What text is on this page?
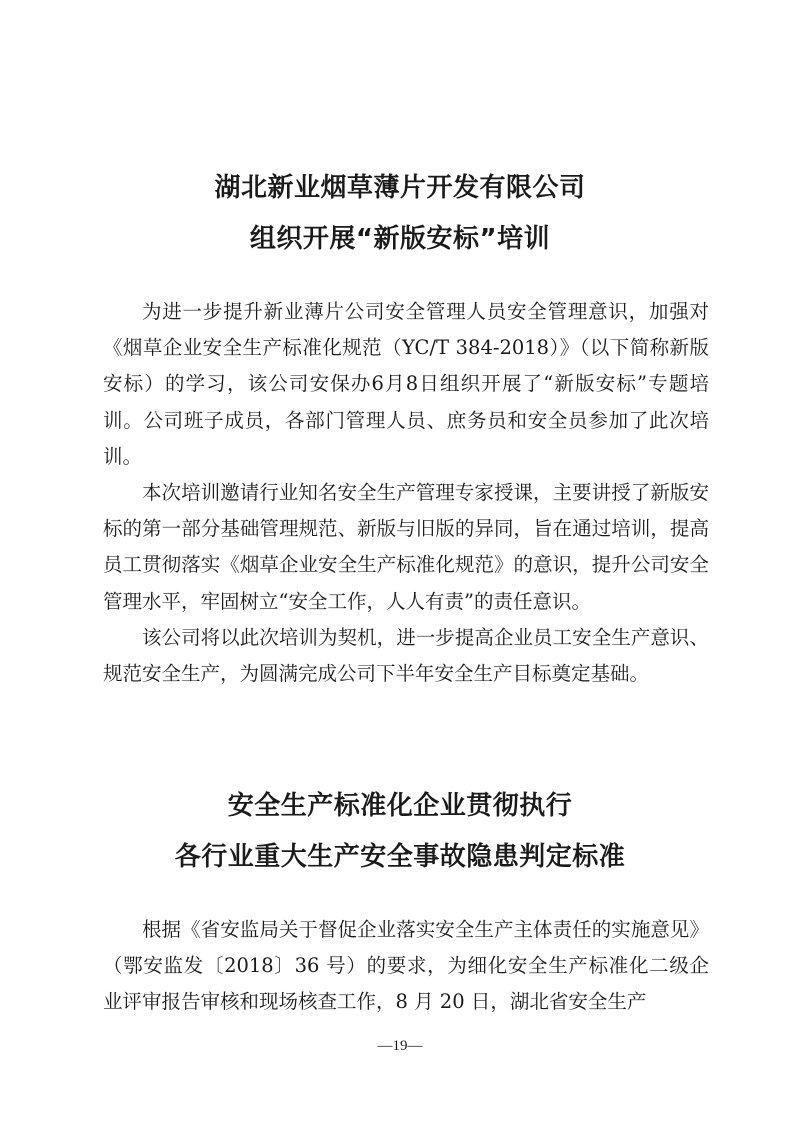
湖北新业烟草薄片开发有限公司
组织开展“新版安标”培训

为进一步提升新业薄片公司安全管理人员安全管理意识，加强对《烟草企业安全生产标准化规范（YC/T 384-2018）》（以下简称新版安标）的学习，该公司安保办6月8日组织开展了“新版安标”专题培训。公司班子成员，各部门管理人员、庶务员和安全员参加了此次培训。

本次培训邀请行业知名安全生产管理专家授课，主要讲授了新版安标的第一部分基础管理规范、新版与旧版的异同，旨在通过培训，提高员工贯彻落实《烟草企业安全生产标准化规范》的意识，提升公司安全管理水平，牢固树立“安全工作，人人有责”的责任意识。

该公司将以此次培训为契机，进一步提高企业员工安全生产意识、规范安全生产，为圆满完成公司下半年安全生产目标奠定基础。

安全生产标准化企业贯彻执行
各行业重大生产安全事故隐患判定标准

根据《省安监局关于督促企业落实安全生产主体责任的实施意见》（鄂安监发〔2018〕36 号）的要求，为细化安全生产标准化二级企业评审报告审核和现场核查工作，8 月 20 日，湖北省安全生产

—19—
